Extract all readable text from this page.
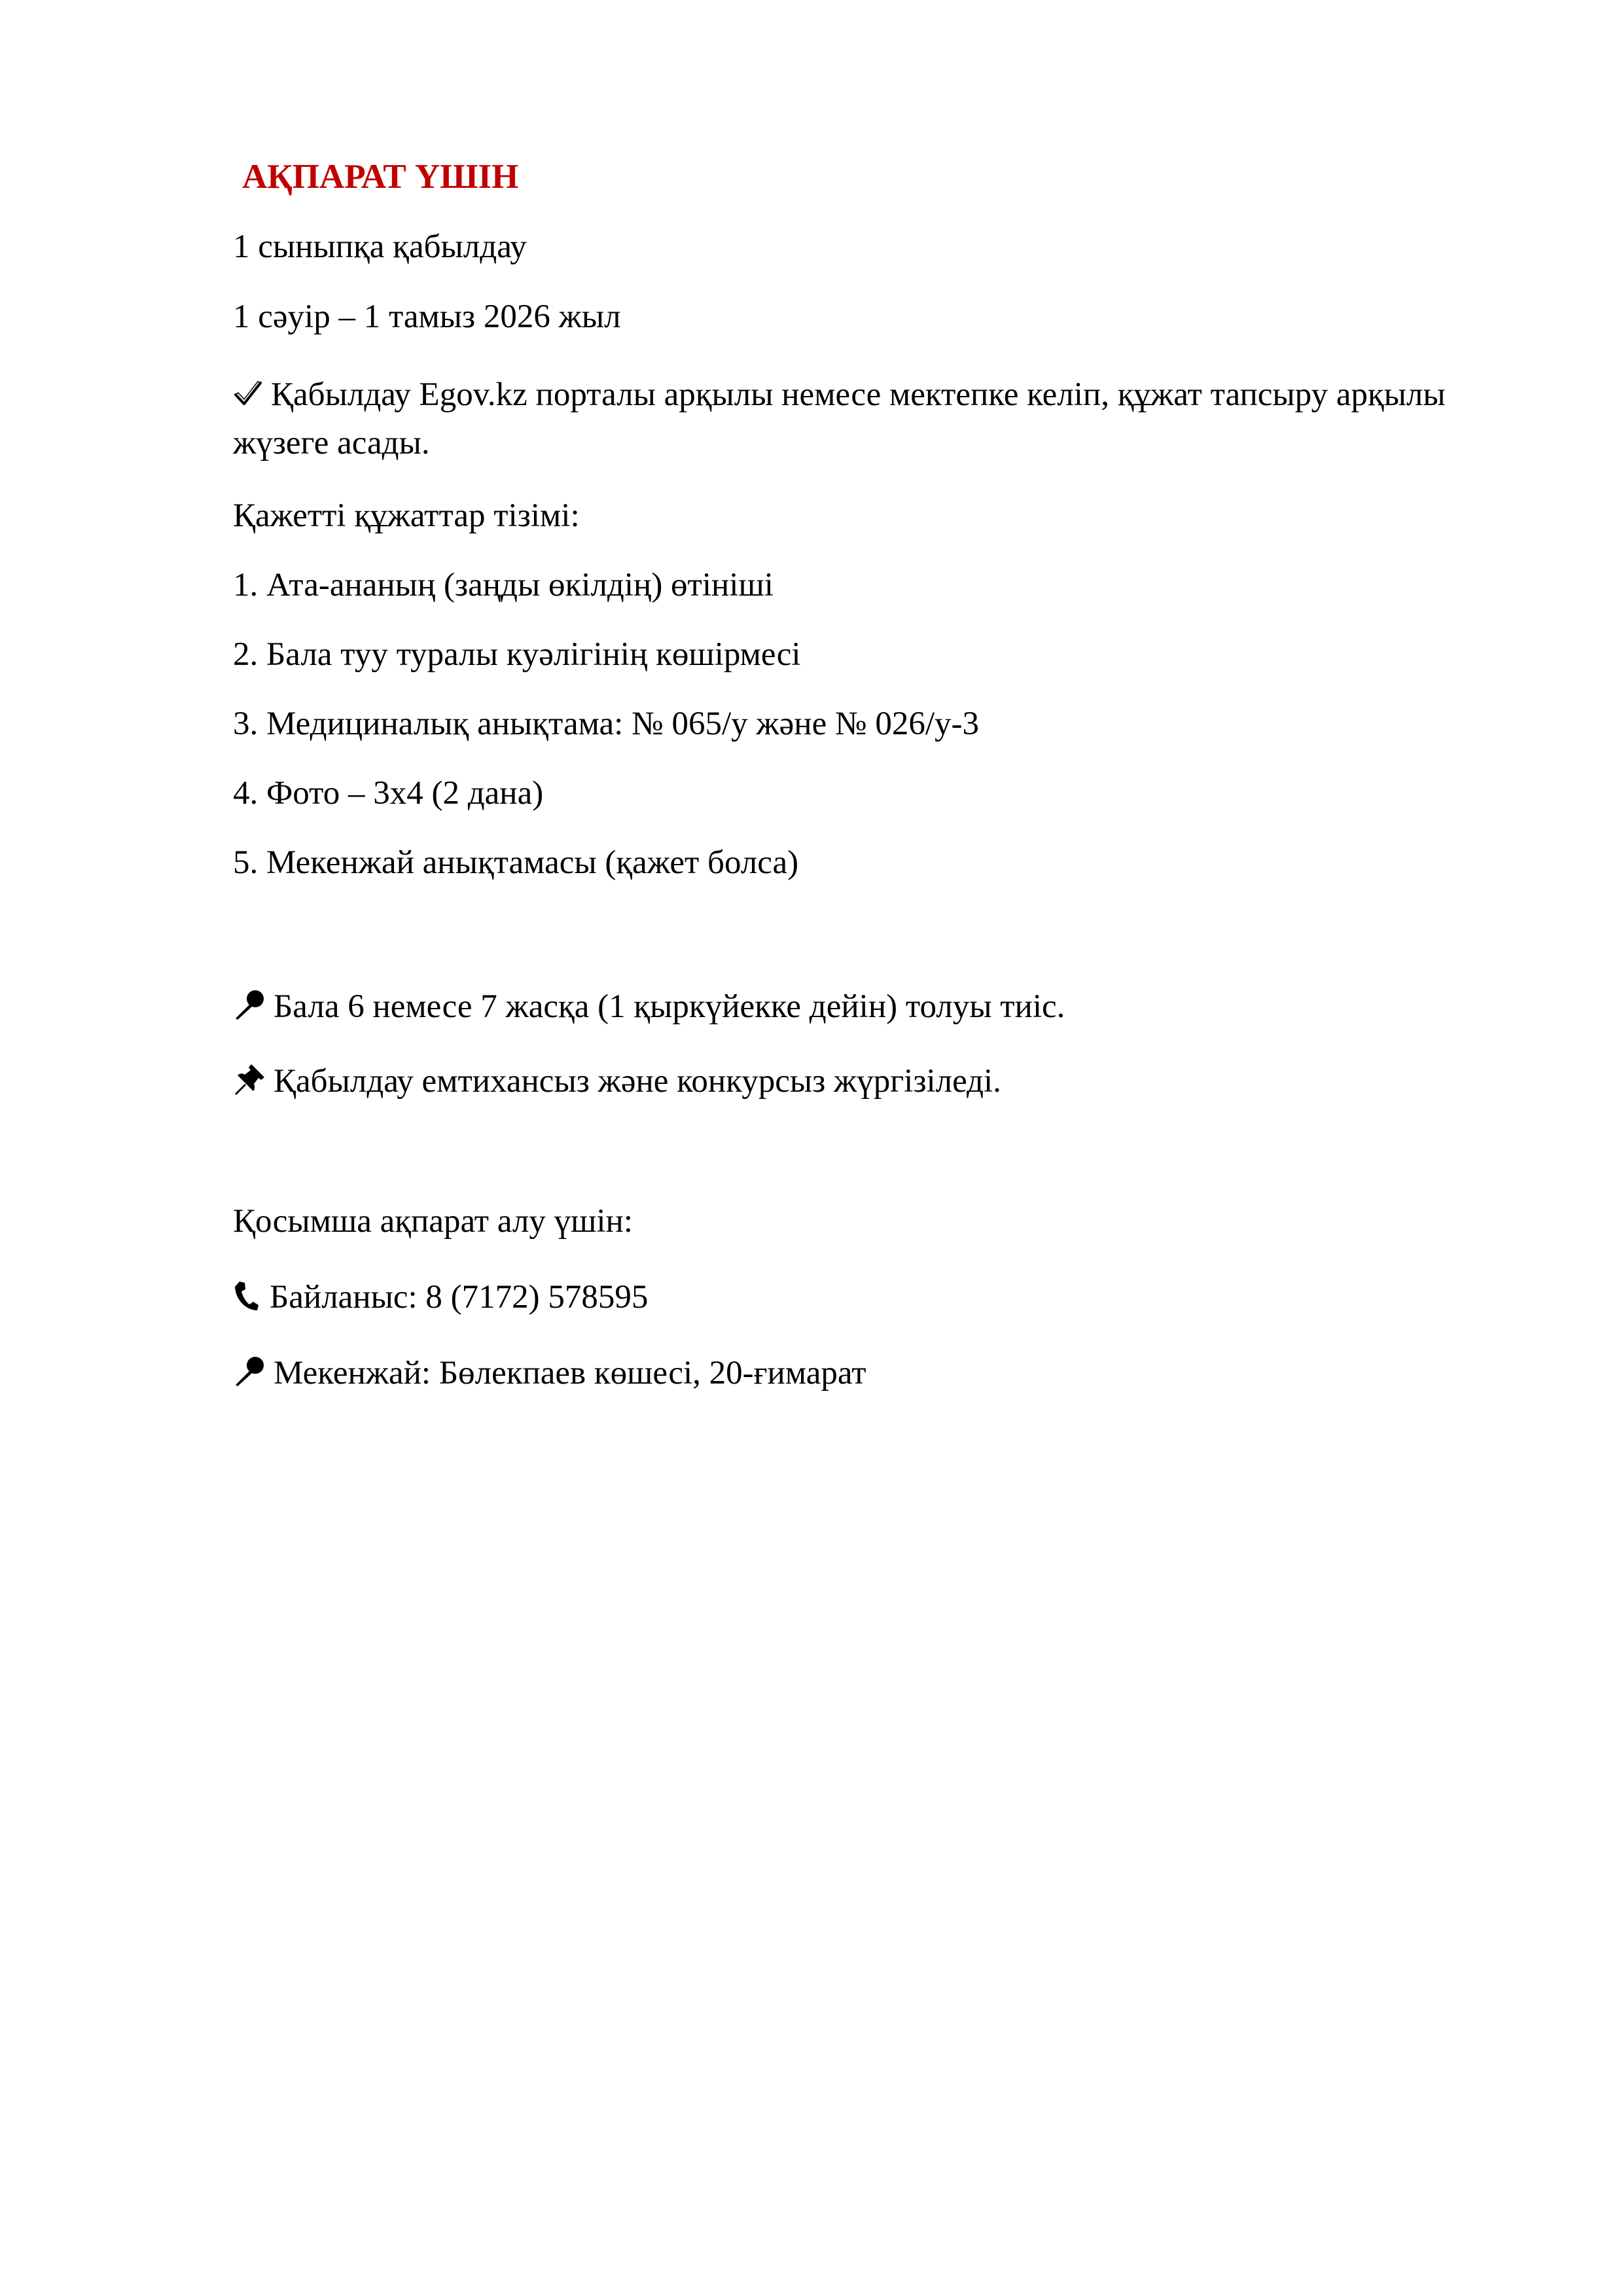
АҚПАРАТ ҮШІН
1 сыныпқа қабылдау
1 сәуір – 1 тамыз 2026 жыл
Қабылдау Egov.kz порталы арқылы немесе мектепке келіп, құжат тапсыру арқылы жүзеге асады.
Қажетті құжаттар тізімі:
1. Ата-ананың (заңды өкілдің) өтініші
2. Бала туу туралы куәлігінің көшірмесі
3. Медициналық анықтама: № 065/у және № 026/у-3
4. Фото – 3х4 (2 дана)
5. Мекенжай анықтамасы (қажет болса)
Бала 6 немесе 7 жасқа (1 қыркүйекке дейін) толуы тиіс.
Қабылдау емтихансыз және конкурсыз жүргізіледі.
Қосымша ақпарат алу үшін:
Байланыс: 8 (7172) 578595
Мекенжай: Бөлекпаев көшесі, 20-ғимарат
